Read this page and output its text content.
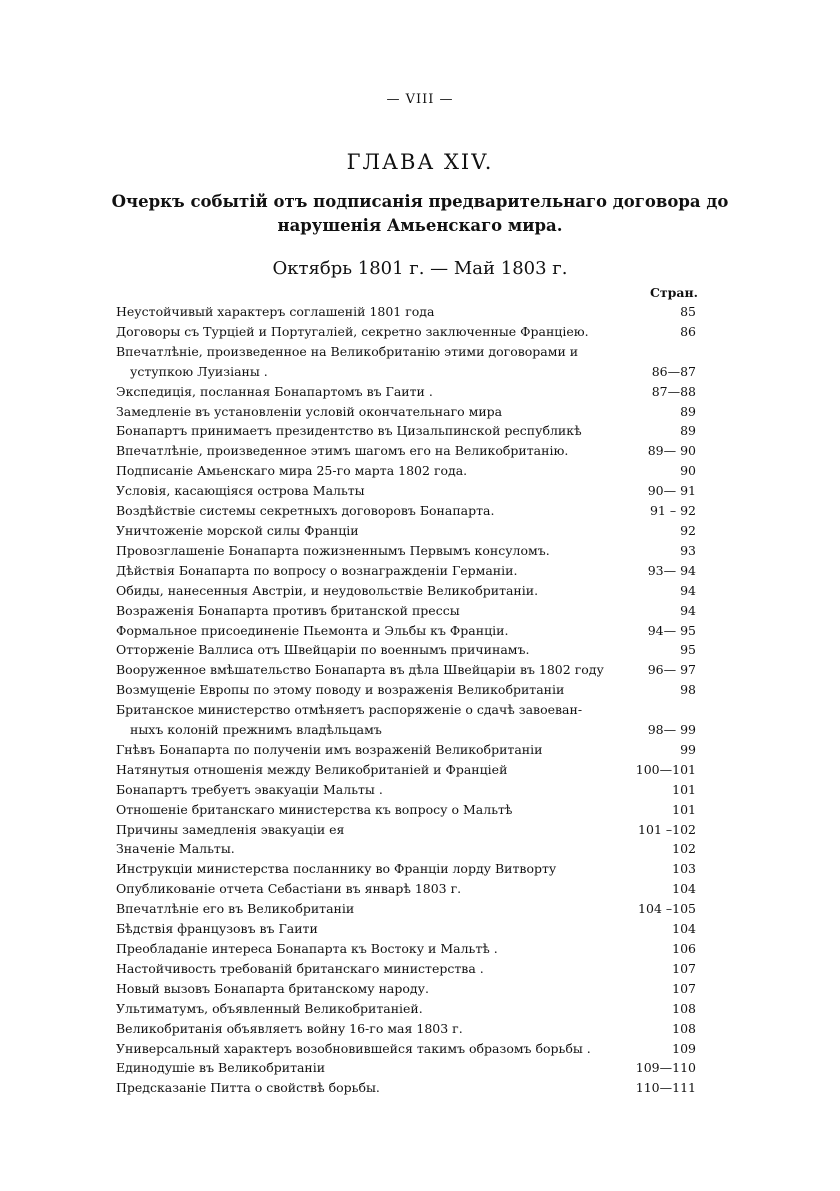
— VIII —
ГЛАВА XIV.
Очеркъ событій отъ подписанія предварительнаго договора до
нарушенія Амьенскаго мира.
Октябрь 1801 г. — Май 1803 г.
Стран.
Неустойчивый характеръ соглашеній 1801 года	85
Договоры съ Турціей и Португаліей, секретно заключенные Франціею.	86
Впечатлѣніе, произведенное на Великобританію этими договорами и
уступкою Луизіаны .	86—87
Экспедиція, посланная Бонапартомъ въ Гаити .	87—88
Замедленіе въ установленіи условій окончательнаго мира	89
Бонапартъ принимаетъ президентство въ Цизальпинской республикѣ	89
Впечатлѣніе, произведенное этимъ шагомъ его на Великобританію.	89— 90
Подписаніе Амьенскаго мира 25-го марта 1802 года.	90
Условія, касающіяся острова Мальты	90— 91
Воздѣйствіе системы секретныхъ договоровъ Бонапарта.	91 – 92
Уничтоженіе морской силы Франціи	92
Провозглашеніе Бонапарта пожизненнымъ Первымъ консуломъ.	93
Дѣйствія Бонапарта по вопросу о вознагражденіи Германіи.	93— 94
Обиды, нанесенныя Австріи, и неудовольствіе Великобританіи.	94
Возраженія Бонапарта противъ британской прессы	94
Формальное присоединеніе Пьемонта и Эльбы къ Франціи.	94— 95
Отторженіе Валлиса отъ Швейцаріи по военнымъ причинамъ.	95
Вооруженное вмѣшательство Бонапарта въ дѣла Швейцаріи въ 1802 году	96— 97
Возмущеніе Европы по этому поводу и возраженія Великобританіи	98
Британское министерство отмѣняетъ распоряженіе о сдачѣ завоеван-
ныхъ колоній прежнимъ владѣльцамъ	98— 99
Гнѣвъ Бонапарта по полученіи имъ возраженій Великобританіи	99
Натянутыя отношенія между Великобританіей и Франціей	100—101
Бонапартъ требуетъ эвакуаціи Мальты .	101
Отношеніе британскаго министерства къ вопросу о Мальтѣ	101
Причины замедленія эвакуаціи ея	101 –102
Значеніе Мальты.	102
Инструкціи министерства посланнику во Франціи лорду Витворту	103
Опубликованіе отчета Себастіани въ январѣ 1803 г.	104
Впечатлѣніе его въ Великобританіи	104 –105
Бѣдствія французовъ въ Гаити	104
Преобладаніе интереса Бонапарта къ Востоку и Мальтѣ .	106
Настойчивость требованій британскаго министерства .	107
Новый вызовъ Бонапарта британскому народу.	107
Ультиматумъ, объявленный Великобританіей.	108
Великобританія объявляетъ войну 16-го мая 1803 г.	108
Универсальный характеръ возобновившейся такимъ образомъ борьбы .	109
Единодушіе въ Великобританіи	109—110
Предсказаніе Питта о свойствѣ борьбы.	110—111
